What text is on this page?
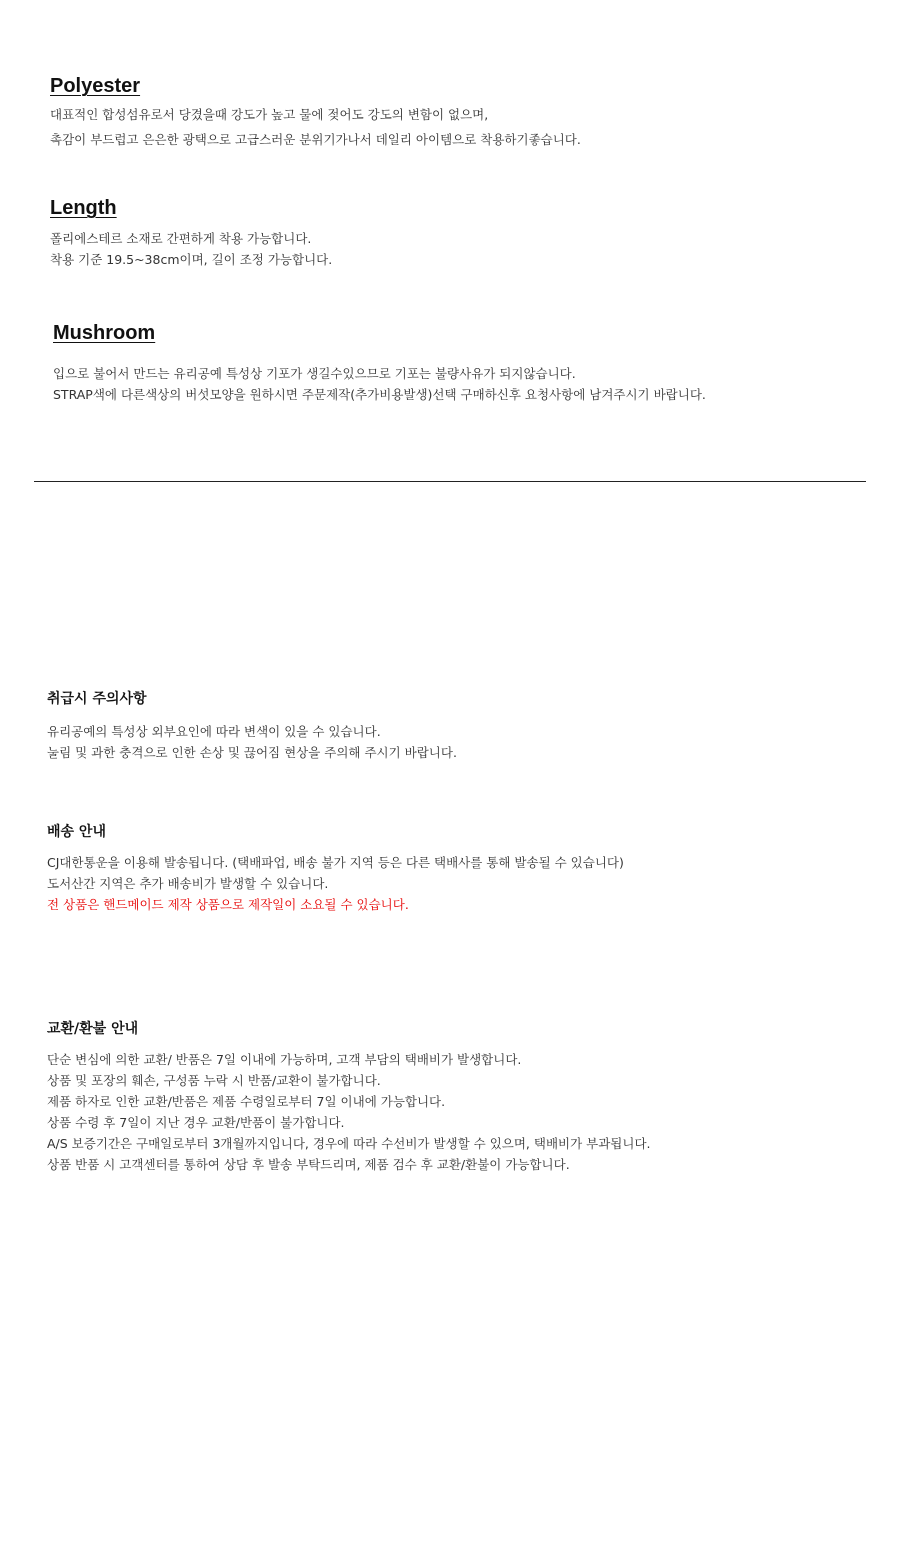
Polyester

대표적인 합성섬유로서 당겼을때 강도가 높고 물에 젖어도 강도의 변함이 없으며,

촉감이 부드럽고 은은한 광택으로 고급스러운 분위기가나서 데일리 아이템으로 착용하기좋습니다.

Length

폴리에스테르 소재로 간편하게 착용 가능합니다.

착용 기준 19.5~38cm이며, 길이 조정 가능합니다.

Mushroom

입으로 불어서 만드는 유리공예 특성상 기포가 생길수있으므로 기포는 불량사유가 되지않습니다.

STRAP색에 다른색상의 버섯모양을 원하시면 주문제작(추가비용발생)선택 구매하신후 요청사항에 남겨주시기 바랍니다.

취급시 주의사항

유리공예의 특성상 외부요인에 따라 변색이 있을 수 있습니다.

눌림 및 과한 충격으로 인한 손상 및 끊어짐 현상을 주의해 주시기 바랍니다.

배송 안내

CJ대한통운을 이용해 발송됩니다. (택배파업, 배송 불가 지역 등은 다른 택배사를 통해 발송될 수 있습니다)

도서산간 지역은 추가 배송비가 발생할 수 있습니다.

전 상품은 핸드메이드 제작 상품으로 제작일이 소요될 수 있습니다.

교환/환불 안내

단순 변심에 의한 교환/ 반품은 7일 이내에 가능하며, 고객 부담의 택배비가 발생합니다.

상품 및 포장의 훼손, 구성품 누락 시 반품/교환이 불가합니다.

제품 하자로 인한 교환/반품은 제품 수령일로부터 7일 이내에 가능합니다.

상품 수령 후 7일이 지난 경우 교환/반품이 불가합니다.

A/S 보증기간은 구매일로부터 3개월까지입니다, 경우에 따라 수선비가 발생할 수 있으며, 택배비가 부과됩니다.

상품 반품 시 고객센터를 통하여 상담 후 발송 부탁드리며, 제품 검수 후 교환/환불이 가능합니다.
